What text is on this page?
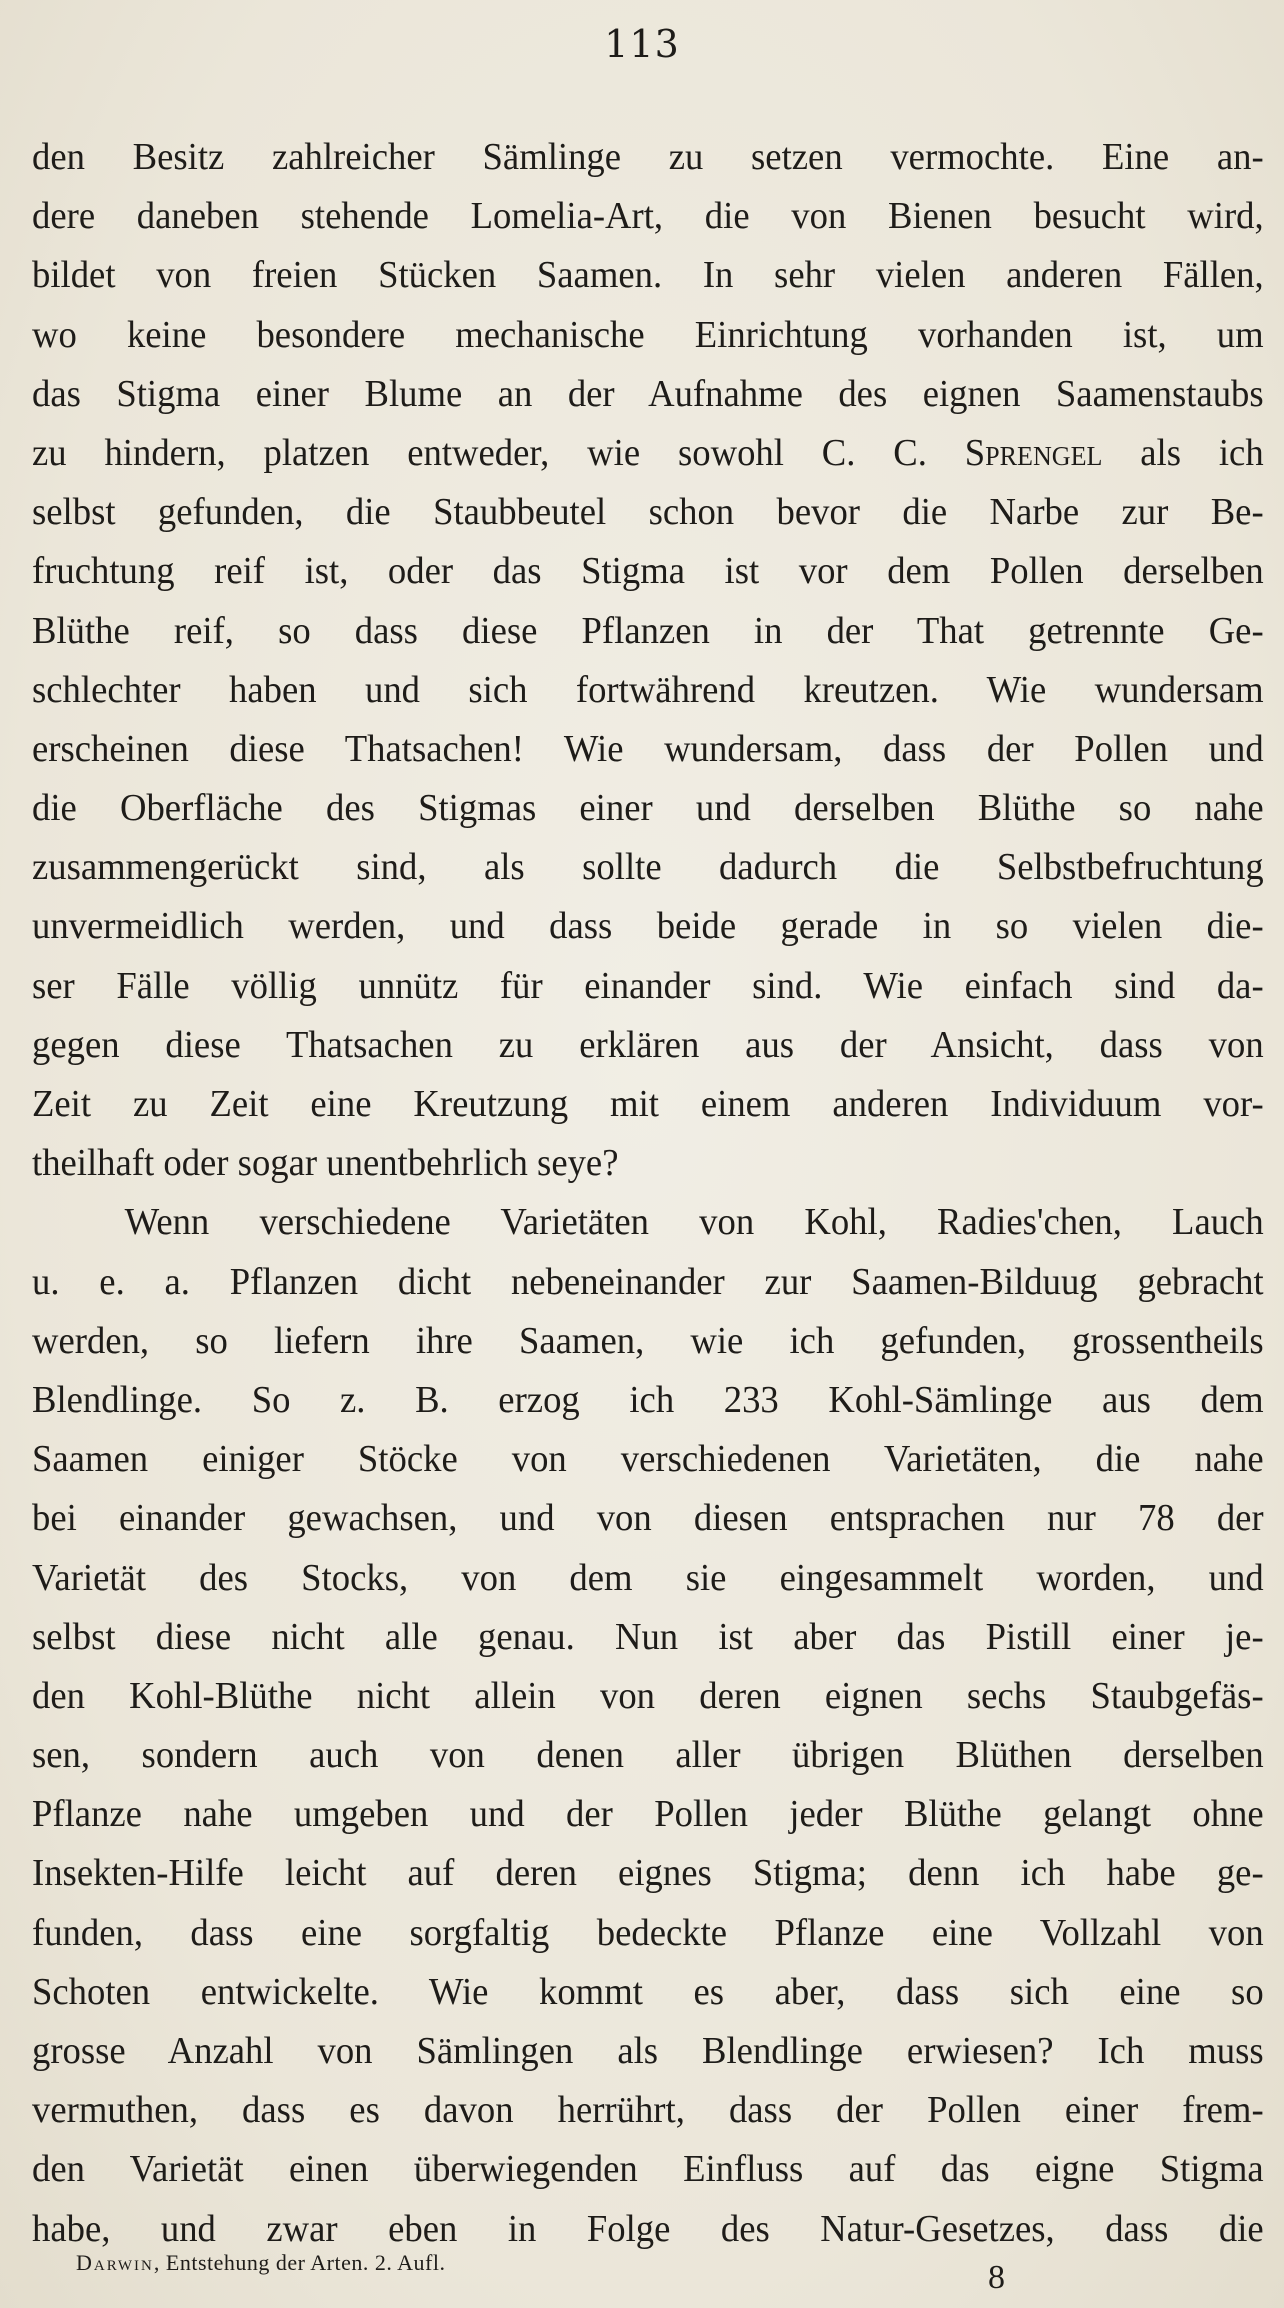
113
den Besitz zahlreicher Sämlinge zu setzen vermochte. Eine an-
dere daneben stehende Lomelia-Art, die von Bienen besucht wird,
bildet von freien Stücken Saamen. In sehr vielen anderen Fällen,
wo keine besondere mechanische Einrichtung vorhanden ist, um
das Stigma einer Blume an der Aufnahme des eignen Saamenstaubs
zu hindern, platzen entweder, wie sowohl C. C. Sprengel als ich
selbst gefunden, die Staubbeutel schon bevor die Narbe zur Be-
fruchtung reif ist, oder das Stigma ist vor dem Pollen derselben
Blüthe reif, so dass diese Pflanzen in der That getrennte Ge-
schlechter haben und sich fortwährend kreutzen. Wie wundersam
erscheinen diese Thatsachen! Wie wundersam, dass der Pollen und
die Oberfläche des Stigmas einer und derselben Blüthe so nahe
zusammengerückt sind, als sollte dadurch die Selbstbefruchtung
unvermeidlich werden, und dass beide gerade in so vielen die-
ser Fälle völlig unnütz für einander sind. Wie einfach sind da-
gegen diese Thatsachen zu erklären aus der Ansicht, dass von
Zeit zu Zeit eine Kreutzung mit einem anderen Individuum vor-
theilhaft oder sogar unentbehrlich seye?
Wenn verschiedene Varietäten von Kohl, Radies'chen, Lauch
u. e. a. Pflanzen dicht nebeneinander zur Saamen-Bilduug gebracht
werden, so liefern ihre Saamen, wie ich gefunden, grossentheils
Blendlinge. So z. B. erzog ich 233 Kohl-Sämlinge aus dem
Saamen einiger Stöcke von verschiedenen Varietäten, die nahe
bei einander gewachsen, und von diesen entsprachen nur 78 der
Varietät des Stocks, von dem sie eingesammelt worden, und
selbst diese nicht alle genau. Nun ist aber das Pistill einer je-
den Kohl-Blüthe nicht allein von deren eignen sechs Staubgefäs-
sen, sondern auch von denen aller übrigen Blüthen derselben
Pflanze nahe umgeben und der Pollen jeder Blüthe gelangt ohne
Insekten-Hilfe leicht auf deren eignes Stigma; denn ich habe ge-
funden, dass eine sorgfaltig bedeckte Pflanze eine Vollzahl von
Schoten entwickelte. Wie kommt es aber, dass sich eine so
grosse Anzahl von Sämlingen als Blendlinge erwiesen? Ich muss
vermuthen, dass es davon herrührt, dass der Pollen einer frem-
den Varietät einen überwiegenden Einfluss auf das eigne Stigma
habe, und zwar eben in Folge des Natur-Gesetzes, dass die
Darwin, Entstehung der Arten. 2. Aufl.	8
